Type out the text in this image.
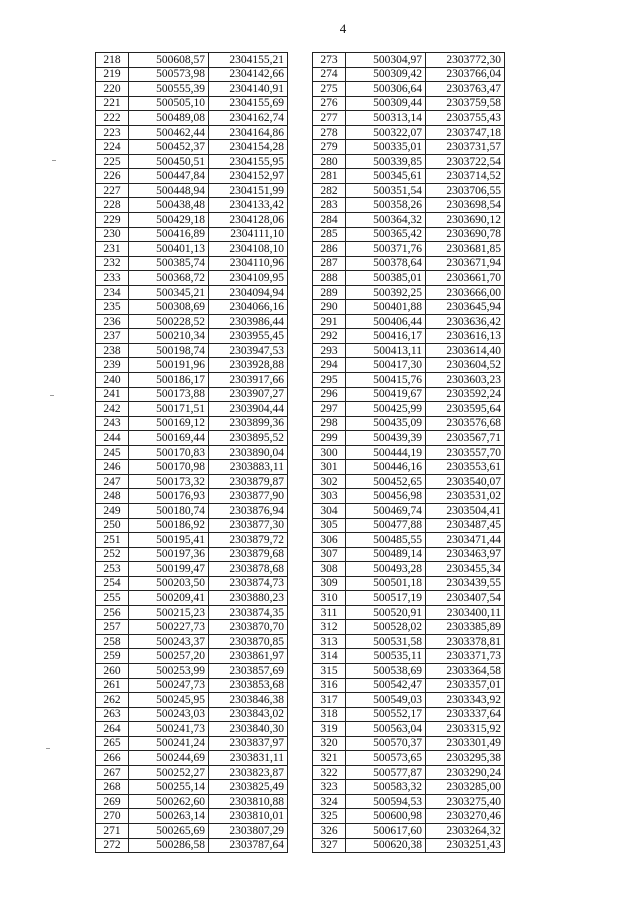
4
218	500608,57	2304155,21
219	500573,98	2304142,66
220	500555,39	2304140,91
221	500505,10	2304155,69
222	500489,08	2304162,74
223	500462,44	2304164,86
224	500452,37	2304154,28
225	500450,51	2304155,95
226	500447,84	2304152,97
227	500448,94	2304151,99
228	500438,48	2304133,42
229	500429,18	2304128,06
230	500416,89	2304111,10
231	500401,13	2304108,10
232	500385,74	2304110,96
233	500368,72	2304109,95
234	500345,21	2304094,94
235	500308,69	2304066,16
236	500228,52	2303986,44
237	500210,34	2303955,45
238	500198,74	2303947,53
239	500191,96	2303928,88
240	500186,17	2303917,66
241	500173,88	2303907,27
242	500171,51	2303904,44
243	500169,12	2303899,36
244	500169,44	2303895,52
245	500170,83	2303890,04
246	500170,98	2303883,11
247	500173,32	2303879,87
248	500176,93	2303877,90
249	500180,74	2303876,94
250	500186,92	2303877,30
251	500195,41	2303879,72
252	500197,36	2303879,68
253	500199,47	2303878,68
254	500203,50	2303874,73
255	500209,41	2303880,23
256	500215,23	2303874,35
257	500227,73	2303870,70
258	500243,37	2303870,85
259	500257,20	2303861,97
260	500253,99	2303857,69
261	500247,73	2303853,68
262	500245,95	2303846,38
263	500243,03	2303843,02
264	500241,73	2303840,30
265	500241,24	2303837,97
266	500244,69	2303831,11
267	500252,27	2303823,87
268	500255,14	2303825,49
269	500262,60	2303810,88
270	500263,14	2303810,01
271	500265,69	2303807,29
272	500286,58	2303787,64
273	500304,97	2303772,30
274	500309,42	2303766,04
275	500306,64	2303763,47
276	500309,44	2303759,58
277	500313,14	2303755,43
278	500322,07	2303747,18
279	500335,01	2303731,57
280	500339,85	2303722,54
281	500345,61	2303714,52
282	500351,54	2303706,55
283	500358,26	2303698,54
284	500364,32	2303690,12
285	500365,42	2303690,78
286	500371,76	2303681,85
287	500378,64	2303671,94
288	500385,01	2303661,70
289	500392,25	2303666,00
290	500401,88	2303645,94
291	500406,44	2303636,42
292	500416,17	2303616,13
293	500413,11	2303614,40
294	500417,30	2303604,52
295	500415,76	2303603,23
296	500419,67	2303592,24
297	500425,99	2303595,64
298	500435,09	2303576,68
299	500439,39	2303567,71
300	500444,19	2303557,70
301	500446,16	2303553,61
302	500452,65	2303540,07
303	500456,98	2303531,02
304	500469,74	2303504,41
305	500477,88	2303487,45
306	500485,55	2303471,44
307	500489,14	2303463,97
308	500493,28	2303455,34
309	500501,18	2303439,55
310	500517,19	2303407,54
311	500520,91	2303400,11
312	500528,02	2303385,89
313	500531,58	2303378,81
314	500535,11	2303371,73
315	500538,69	2303364,58
316	500542,47	2303357,01
317	500549,03	2303343,92
318	500552,17	2303337,64
319	500563,04	2303315,92
320	500570,37	2303301,49
321	500573,65	2303295,38
322	500577,87	2303290,24
323	500583,32	2303285,00
324	500594,53	2303275,40
325	500600,98	2303270,46
326	500617,60	2303264,32
327	500620,38	2303251,43
